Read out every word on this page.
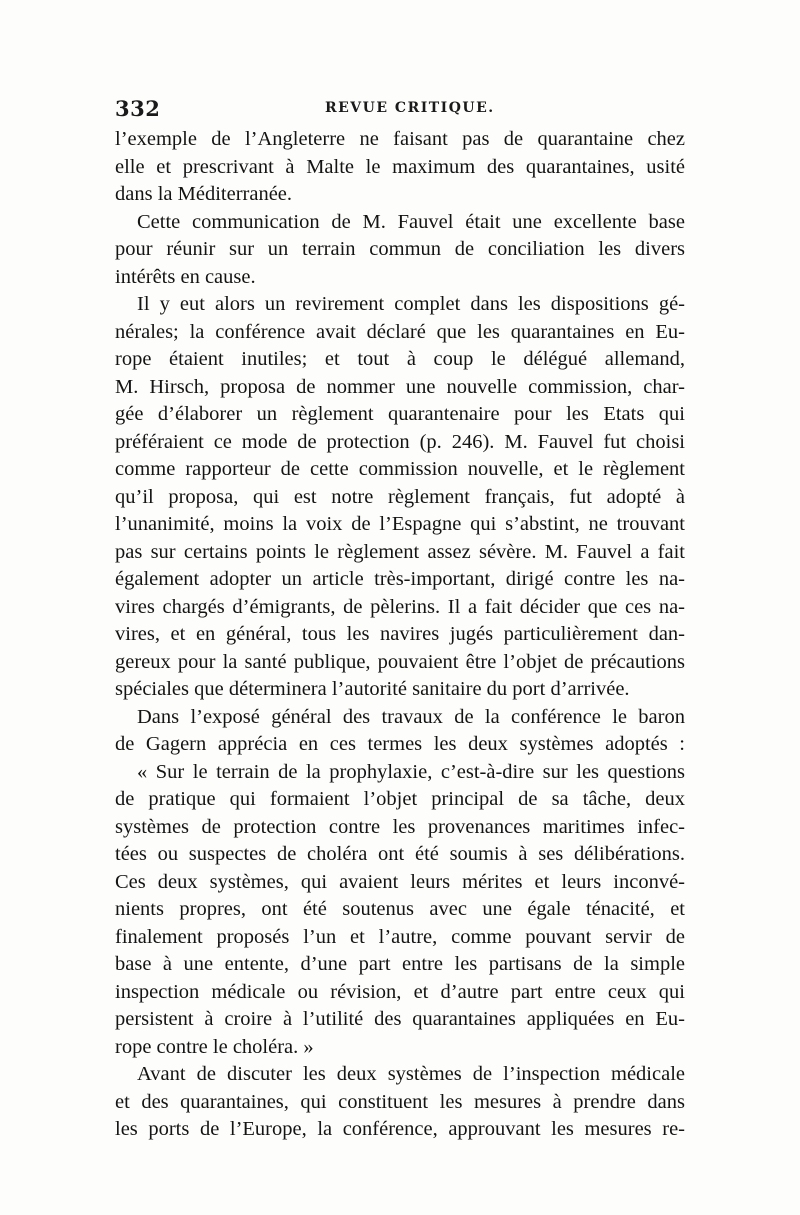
332	REVUE CRITIQUE.
l’exemple de l’Angleterre ne faisant pas de quarantaine chez
elle et prescrivant à Malte le maximum des quarantaines, usité
dans la Méditerranée.
Cette communication de M. Fauvel était une excellente base
pour réunir sur un terrain commun de conciliation les divers
intérêts en cause.
Il y eut alors un revirement complet dans les dispositions gé-
nérales; la conférence avait déclaré que les quarantaines en Eu-
rope étaient inutiles; et tout à coup le délégué allemand,
M. Hirsch, proposa de nommer une nouvelle commission, char-
gée d’élaborer un règlement quarantenaire pour les Etats qui
préféraient ce mode de protection (p. 246). M. Fauvel fut choisi
comme rapporteur de cette commission nouvelle, et le règlement
qu’il proposa, qui est notre règlement français, fut adopté à
l’unanimité, moins la voix de l’Espagne qui s’abstint, ne trouvant
pas sur certains points le règlement assez sévère. M. Fauvel a fait
également adopter un article très-important, dirigé contre les na-
vires chargés d’émigrants, de pèlerins. Il a fait décider que ces na-
vires, et en général, tous les navires jugés particulièrement dan-
gereux pour la santé publique, pouvaient être l’objet de précautions
spéciales que déterminera l’autorité sanitaire du port d’arrivée.
Dans l’exposé général des travaux de la conférence le baron
de Gagern apprécia en ces termes les deux systèmes adoptés :
« Sur le terrain de la prophylaxie, c’est-à-dire sur les questions
de pratique qui formaient l’objet principal de sa tâche, deux
systèmes de protection contre les provenances maritimes infec-
tées ou suspectes de choléra ont été soumis à ses délibérations.
Ces deux systèmes, qui avaient leurs mérites et leurs inconvé-
nients propres, ont été soutenus avec une égale ténacité, et
finalement proposés l’un et l’autre, comme pouvant servir de
base à une entente, d’une part entre les partisans de la simple
inspection médicale ou révision, et d’autre part entre ceux qui
persistent à croire à l’utilité des quarantaines appliquées en Eu-
rope contre le choléra. »
Avant de discuter les deux systèmes de l’inspection médicale
et des quarantaines, qui constituent les mesures à prendre dans
les ports de l’Europe, la conférence, approuvant les mesures re-
